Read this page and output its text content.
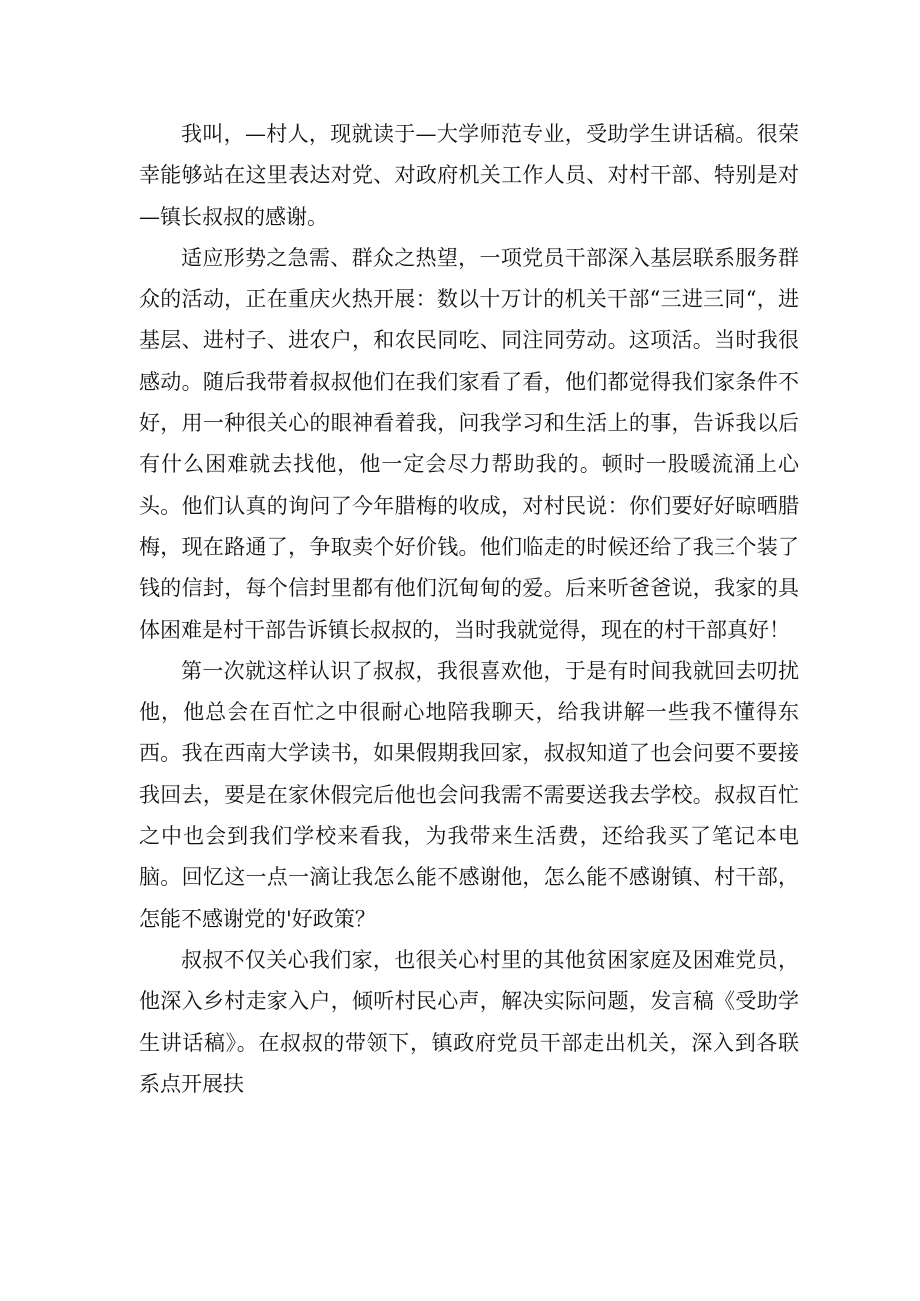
我叫，—村人，现就读于—大学师范专业，受助学生讲话稿。很荣幸能够站在这里表达对党、对政府机关工作人员、对村干部、特别是对—镇长叔叔的感谢。

适应形势之急需、群众之热望，一项党员干部深入基层联系服务群众的活动，正在重庆火热开展：数以十万计的机关干部“三进三同“，进基层、进村子、进农户，和农民同吃、同注同劳动。这项活。当时我很感动。随后我带着叔叔他们在我们家看了看，他们都觉得我们家条件不好，用一种很关心的眼神看着我，问我学习和生活上的事，告诉我以后有什么困难就去找他，他一定会尽力帮助我的。顿时一股暖流涌上心头。他们认真的询问了今年腊梅的收成，对村民说：你们要好好晾晒腊梅，现在路通了，争取卖个好价钱。他们临走的时候还给了我三个装了钱的信封，每个信封里都有他们沉甸甸的爱。后来听爸爸说，我家的具体困难是村干部告诉镇长叔叔的，当时我就觉得，现在的村干部真好！

第一次就这样认识了叔叔，我很喜欢他，于是有时间我就回去叨扰他，他总会在百忙之中很耐心地陪我聊天，给我讲解一些我不懂得东西。我在西南大学读书，如果假期我回家，叔叔知道了也会问要不要接我回去，要是在家休假完后他也会问我需不需要送我去学校。叔叔百忙之中也会到我们学校来看我，为我带来生活费，还给我买了笔记本电脑。回忆这一点一滴让我怎么能不感谢他，怎么能不感谢镇、村干部，怎能不感谢党的'好政策？

叔叔不仅关心我们家，也很关心村里的其他贫困家庭及困难党员，他深入乡村走家入户，倾听村民心声，解决实际问题，发言稿《受助学生讲话稿》。在叔叔的带领下，镇政府党员干部走出机关，深入到各联系点开展扶
